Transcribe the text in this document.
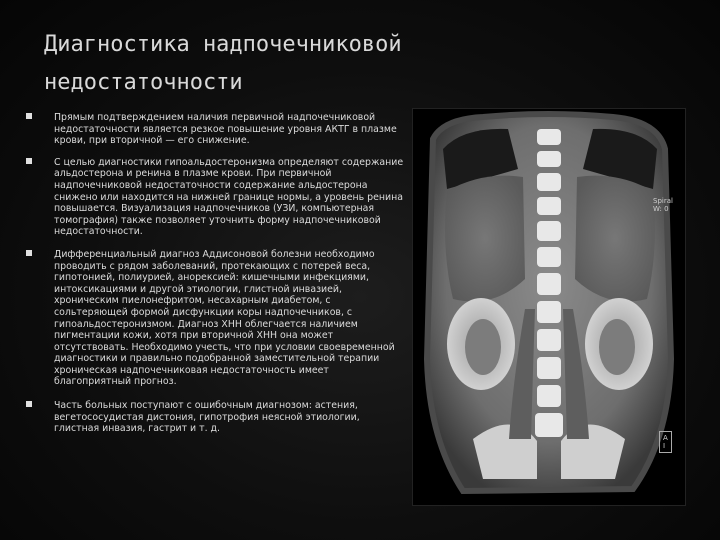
Диагностика надпочечниковой недостаточности
Прямым подтверждением наличия первичной надпочечниковой недостаточности является резкое повышение уровня АКТГ в плазме крови, при вторичной — его снижение.
С целью диагностики гипоальдостеронизма определяют содержание альдостерона и ренина в плазме крови. При первичной надпочечниковой недостаточности содержание альдостерона снижено или находится на нижней границе нормы, а уровень ренина повышается. Визуализация надпочечников (УЗИ, компьютерная томография) также позволяет уточнить форму надпочечниковой недостаточности.
Дифференциальный диагноз Аддисоновой болезни необходимо проводить с рядом заболеваний, протекающих с потерей веса, гипотонией, полиурией, анорексией: кишечными инфекциями, интоксикациями и другой этиологии, глистной инвазией, хроническим пиелонефритом, несахарным диабетом, с сольтеряющей формой дисфункции коры надпочечников, с гипоальдостеронизмом. Диагноз ХНН облегчается наличием пигментации кожи, хотя при вторичной ХНН она может отсутствовать. Необходимо учесть, что при условии своевременной диагностики и правильно подобранной заместительной терапии хроническая надпочечниковая недостаточность имеет благоприятный прогноз.
Часть больных поступают с ошибочным диагнозом: астения, вегетососудистая дистония, гипотрофия неясной этиологии, глистная инвазия, гастрит и т. д.
Spiral
W: 0
A
I
